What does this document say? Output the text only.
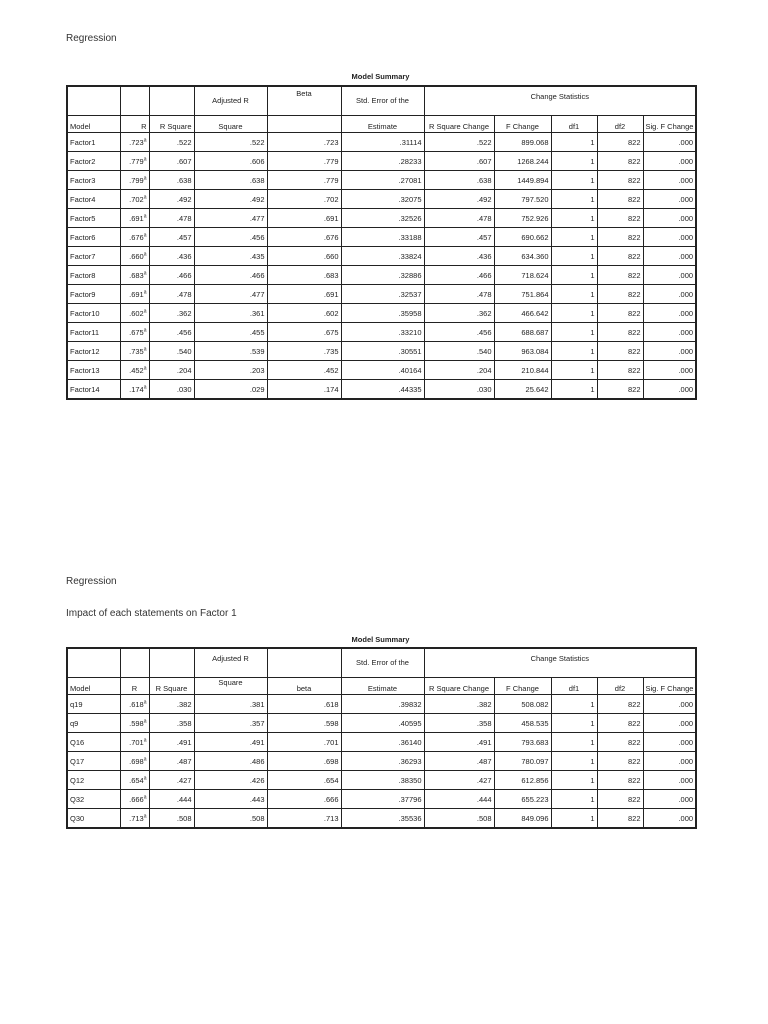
Regression
Model Summary
			Adjusted R	Beta	Std. Error of the	Change Statistics				
Model	R	R Square	Square		Estimate	R Square Change	F Change	df1	df2	Sig. F Change
Factor1	.723$^a$	.522	.522	.723	.31114	.522	899.068	1	822	.000
Factor2	.779$^a$	.607	.606	.779	.28233	.607	1268.244	1	822	.000
Factor3	.799$^a$	.638	.638	.779	.27081	.638	1449.894	1	822	.000
Factor4	.702$^a$	.492	.492	.702	.32075	.492	797.520	1	822	.000
Factor5	.691$^a$	.478	.477	.691	.32526	.478	752.926	1	822	.000
Factor6	.676$^a$	.457	.456	.676	.33188	.457	690.662	1	822	.000
Factor7	.660$^a$	.436	.435	.660	.33824	.436	634.360	1	822	.000
Factor8	.683$^a$	.466	.466	.683	.32886	.466	718.624	1	822	.000
Factor9	.691$^a$	.478	.477	.691	.32537	.478	751.864	1	822	.000
Factor10	.602$^a$	.362	.361	.602	.35958	.362	466.642	1	822	.000
Factor11	.675$^a$	.456	.455	.675	.33210	.456	688.687	1	822	.000
Factor12	.735$^a$	.540	.539	.735	.30551	.540	963.084	1	822	.000
Factor13	.452$^a$	.204	.203	.452	.40164	.204	210.844	1	822	.000
Factor14	.174$^a$	.030	.029	.174	.44335	.030	25.642	1	822	.000
Regression
Impact of each statements on Factor 1
Model Summary
			Adjusted R		Std. Error of the	Change Statistics				
Model	R	R Square	Square	beta	Estimate	R Square Change	F Change	df1	df2	Sig. F Change
q19	.618$^a$	.382	.381	.618	.39832	.382	508.082	1	822	.000
q9	.598$^a$	.358	.357	.598	.40595	.358	458.535	1	822	.000
Q16	.701$^a$	.491	.491	.701	.36140	.491	793.683	1	822	.000
Q17	.698$^a$	.487	.486	.698	.36293	.487	780.097	1	822	.000
Q12	.654$^a$	.427	.426	.654	.38350	.427	612.856	1	822	.000
Q32	.666$^a$	.444	.443	.666	.37796	.444	655.223	1	822	.000
Q30	.713$^a$	.508	.508	.713	.35536	.508	849.096	1	822	.000
